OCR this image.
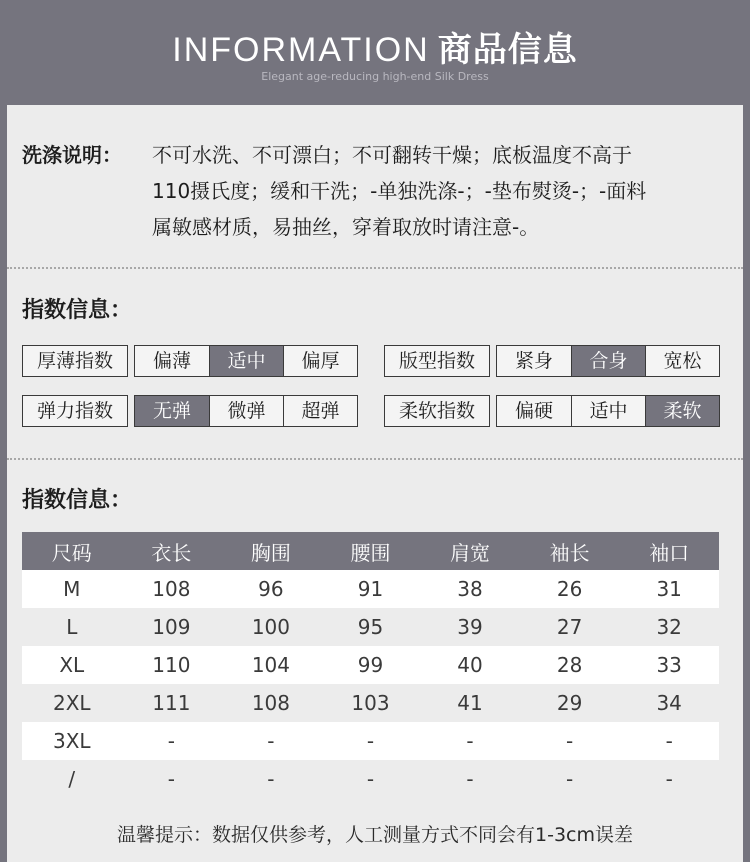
INFORMATION 商品信息
Elegant age-reducing high-end Silk Dress
洗涤说明： 不可水洗、不可漂白；不可翻转干燥；底板温度不高于
110摄氏度；缓和干洗；-单独洗涤-；-垫布熨烫-；-面料
属敏感材质，易抽丝，穿着取放时请注意-。
指数信息：
厚薄指数	偏薄	适中	偏厚	版型指数	紧身	合身	宽松
弹力指数	无弹	微弹	超弹	柔软指数	偏硬	适中	柔软
指数信息：
尺码	衣长	胸围	腰围	肩宽	袖长	袖口
M	108	96	91	38	26	31
L	109	100	95	39	27	32
XL	110	104	99	40	28	33
2XL	111	108	103	41	29	34
3XL	-	-	-	-	-	-
/	-	-	-	-	-	-
温馨提示：数据仅供参考，人工测量方式不同会有1-3cm误差
